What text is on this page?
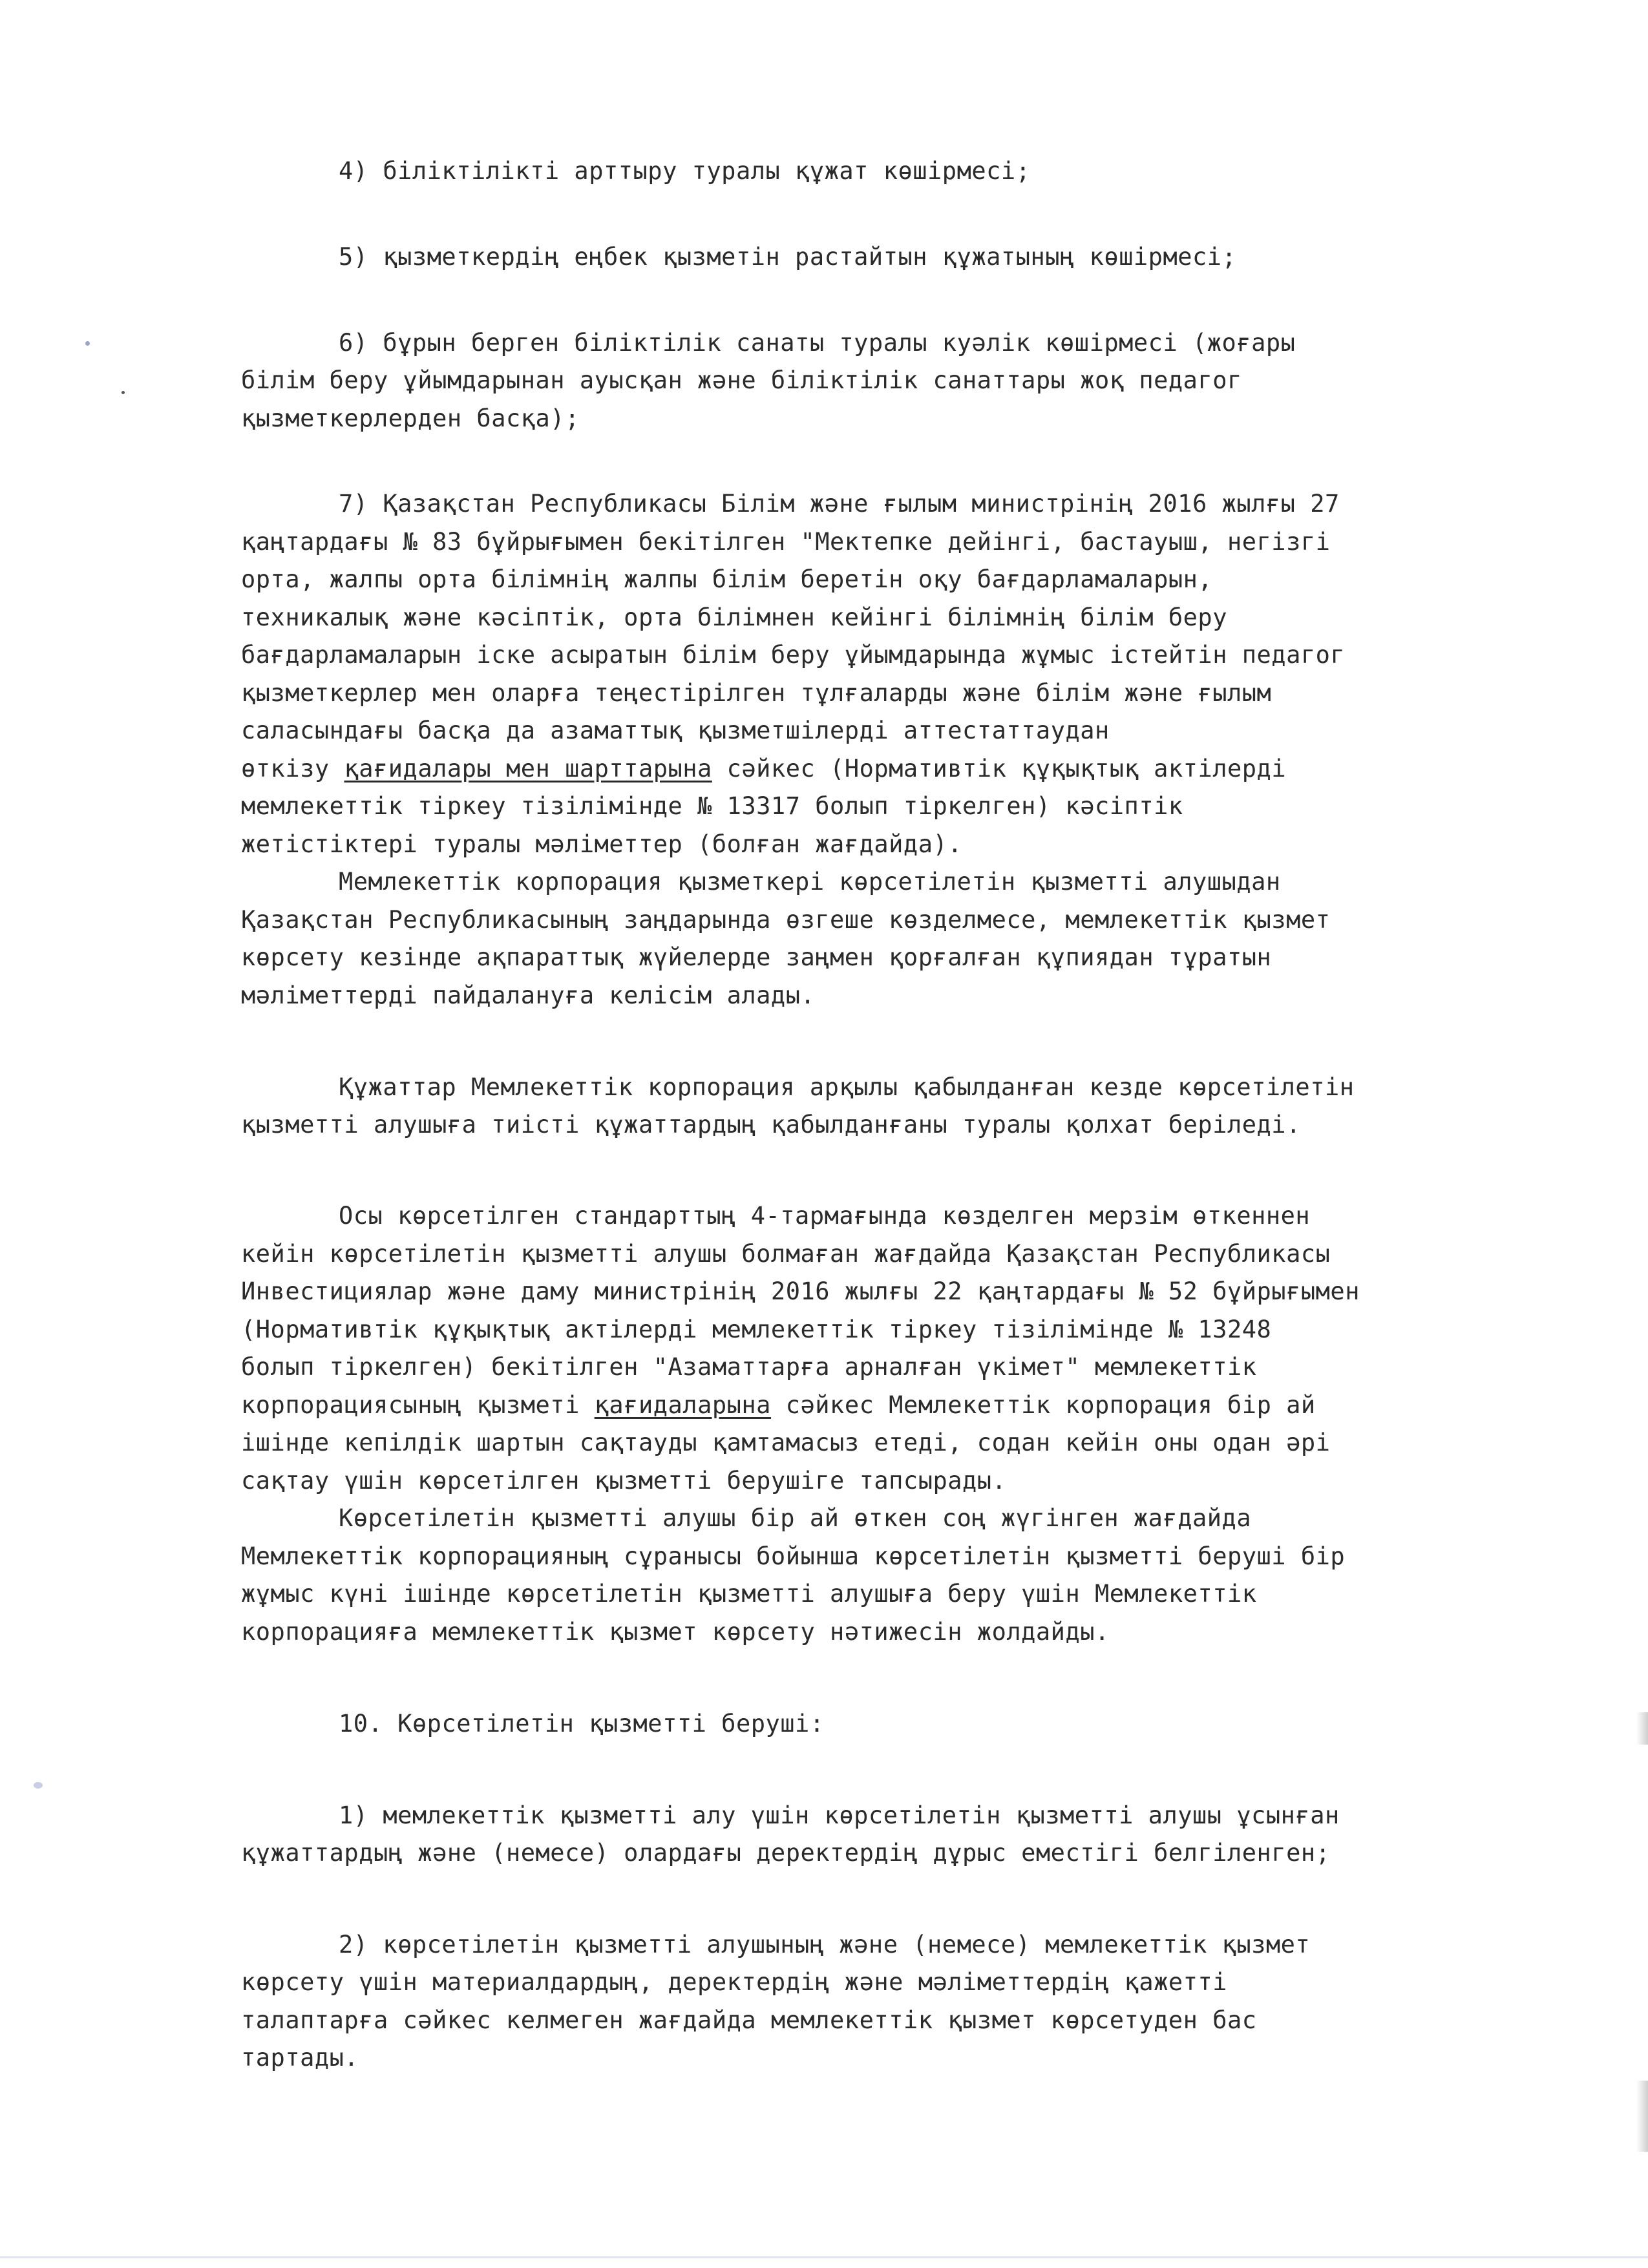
4) біліктілікті арттыру туралы құжат көшірмесі;
5) қызметкердің еңбек қызметін растайтын құжатының көшірмесі;
6) бұрын берген біліктілік санаты туралы куәлік көшірмесі (жоғары
білім беру ұйымдарынан ауысқан және біліктілік санаттары жоқ педагог
қызметкерлерден басқа);
7) Қазақстан Республикасы Білім және ғылым министрінің 2016 жылғы 27
қаңтардағы № 83 бұйрығымен бекітілген "Мектепке дейінгі, бастауыш, негізгі
орта, жалпы орта білімнің жалпы білім беретін оқу бағдарламаларын,
техникалық және кәсіптік, орта білімнен кейінгі білімнің білім беру
бағдарламаларын іске асыратын білім беру ұйымдарында жұмыс істейтін педагог
қызметкерлер мен оларға теңестірілген тұлғаларды және білім және ғылым
саласындағы басқа да азаматтық қызметшілерді аттестаттаудан
өткізу қағидалары мен шарттарына сәйкес (Нормативтік құқықтық актілерді
мемлекеттік тіркеу тізілімінде № 13317 болып тіркелген) кәсіптік
жетістіктері туралы мәліметтер (болған жағдайда).
Мемлекеттік корпорация қызметкері көрсетілетін қызметті алушыдан
Қазақстан Республикасының заңдарында өзгеше көзделмесе, мемлекеттік қызмет
көрсету кезінде ақпараттық жүйелерде заңмен қорғалған құпиядан тұратын
мәліметтерді пайдалануға келісім алады.
Құжаттар Мемлекеттік корпорация арқылы қабылданған кезде көрсетілетін
қызметті алушыға тиісті құжаттардың қабылданғаны туралы қолхат беріледі.
Осы көрсетілген стандарттың 4-тармағында көзделген мерзім өткеннен
кейін көрсетілетін қызметті алушы болмаған жағдайда Қазақстан Республикасы
Инвестициялар және даму министрінің 2016 жылғы 22 қаңтардағы № 52 бұйрығымен
(Нормативтік құқықтық актілерді мемлекеттік тіркеу тізілімінде № 13248
болып тіркелген) бекітілген "Азаматтарға арналған үкімет" мемлекеттік
корпорациясының қызметі қағидаларына сәйкес Мемлекеттік корпорация бір ай
ішінде кепілдік шартын сақтауды қамтамасыз етеді, содан кейін оны одан әрі
сақтау үшін көрсетілген қызметті берушіге тапсырады.
Көрсетілетін қызметті алушы бір ай өткен соң жүгінген жағдайда
Мемлекеттік корпорацияның сұранысы бойынша көрсетілетін қызметті беруші бір
жұмыс күні ішінде көрсетілетін қызметті алушыға беру үшін Мемлекеттік
корпорацияға мемлекеттік қызмет көрсету нәтижесін жолдайды.
10. Көрсетілетін қызметті беруші:
1) мемлекеттік қызметті алу үшін көрсетілетін қызметті алушы ұсынған
құжаттардың және (немесе) олардағы деректердің дұрыс еместігі белгіленген;
2) көрсетілетін қызметті алушының және (немесе) мемлекеттік қызмет
көрсету үшін материалдардың, деректердің және мәліметтердің қажетті
талаптарға сәйкес келмеген жағдайда мемлекеттік қызмет көрсетуден бас
тартады.
